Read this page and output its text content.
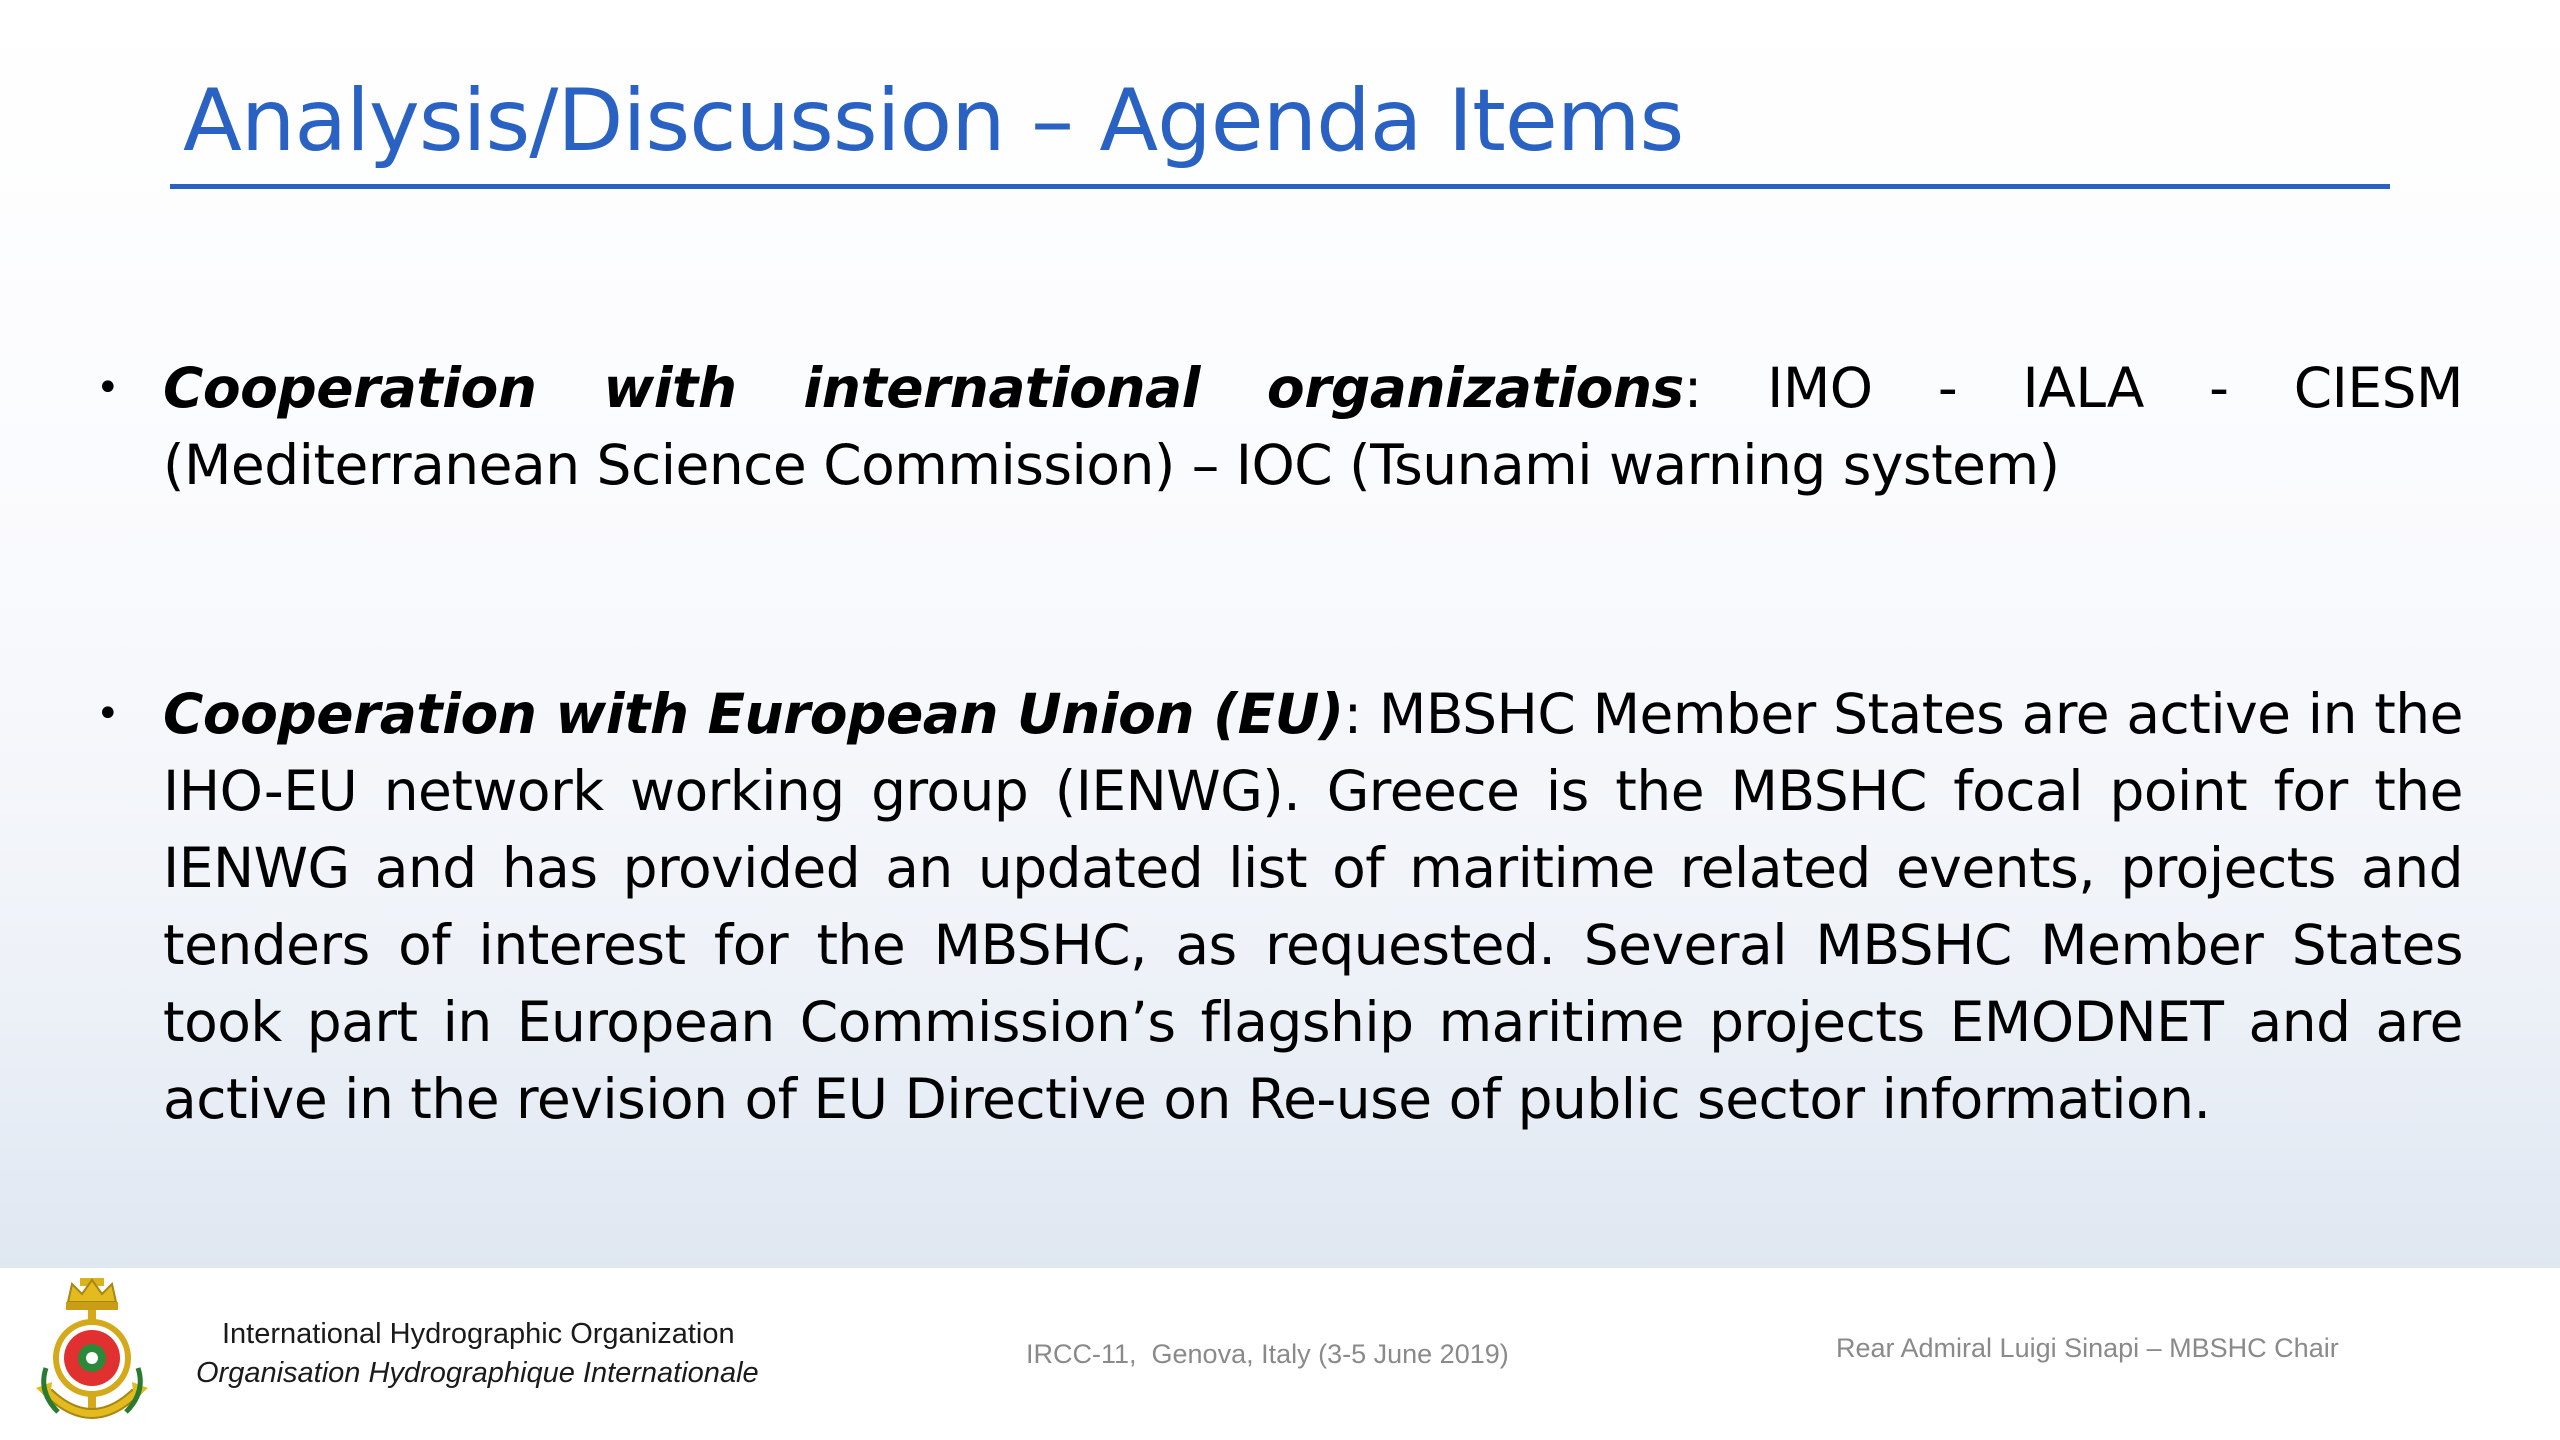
Analysis/Discussion – Agenda Items
• Cooperation with international organizations: IMO - IALA - CIESM (Mediterranean Science Commission) – IOC (Tsunami warning system)
• Cooperation with European Union (EU): MBSHC Member States are active in the IHO-EU network working group (IENWG). Greece is the MBSHC focal point for the IENWG and has provided an updated list of maritime related events, projects and tenders of interest for the MBSHC, as requested. Several MBSHC Member States took part in European Commission’s flagship maritime projects EMODNET and are active in the revision of EU Directive on Re-use of public sector information.
International Hydrographic Organization
Organisation Hydrographique Internationale
IRCC-11,  Genova, Italy (3-5 June 2019)	Rear Admiral Luigi Sinapi – MBSHC Chair
